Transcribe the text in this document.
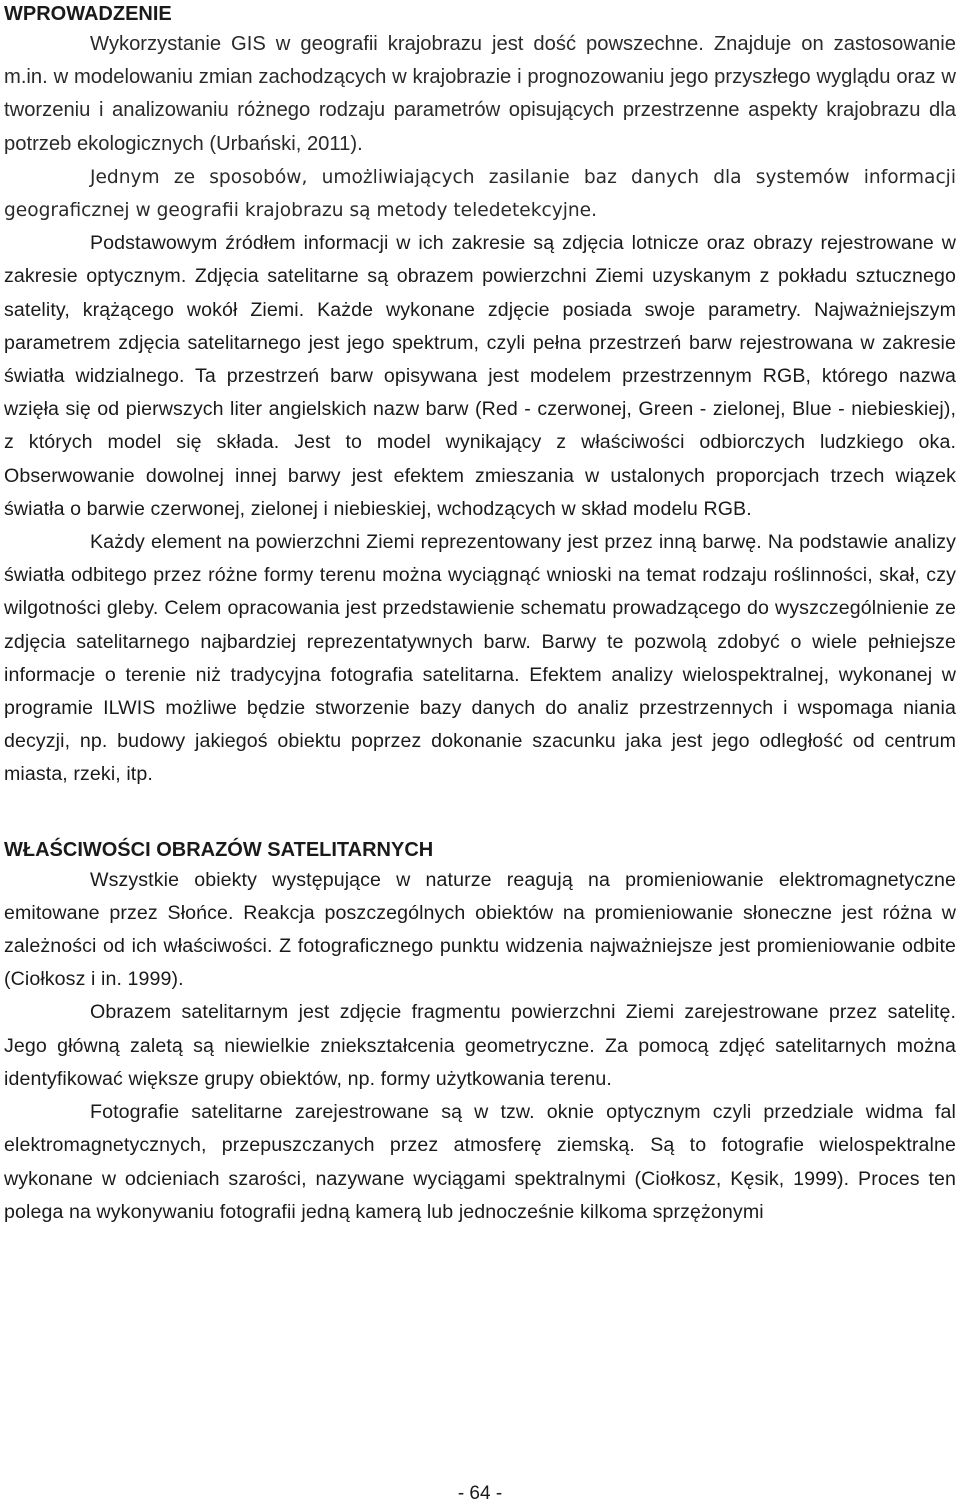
WPROWADZENIE

Wykorzystanie GIS w geografii krajobrazu jest dość powszechne. Znajduje on zastosowanie m.in. w modelowaniu zmian zachodzących w krajobrazie i prognozowaniu jego przyszłego wyglądu oraz w tworzeniu i analizowaniu różnego rodzaju parametrów opisujących przestrzenne aspekty krajobrazu dla potrzeb ekologicznych (Urbański, 2011).

Jednym ze sposobów, umożliwiających zasilanie baz danych dla systemów informacji geograficznej w geografii krajobrazu są metody teledetekcyjne.

Podstawowym źródłem informacji w ich zakresie są zdjęcia lotnicze oraz obrazy rejestrowane w zakresie optycznym. Zdjęcia satelitarne są obrazem powierzchni Ziemi uzyskanym z pokładu sztucznego satelity, krążącego wokół Ziemi. Każde wykonane zdjęcie posiada swoje parametry. Najważniejszym parametrem zdjęcia satelitarnego jest jego spektrum, czyli pełna przestrzeń barw rejestrowana w zakresie światła widzialnego. Ta przestrzeń barw opisywana jest modelem przestrzennym RGB, którego nazwa wzięła się od pierwszych liter angielskich nazw barw (Red - czerwonej, Green - zielonej, Blue - niebieskiej), z których model się składa. Jest to model wynikający z właściwości odbiorczych ludzkiego oka. Obserwowanie dowolnej innej barwy jest efektem zmieszania w ustalonych proporcjach trzech wiązek światła o barwie czerwonej, zielonej i niebieskiej, wchodzących w skład modelu RGB.

Każdy element na powierzchni Ziemi reprezentowany jest przez inną barwę. Na podstawie analizy światła odbitego przez różne formy terenu można wyciągnąć wnioski na temat rodzaju roślinności, skał, czy wilgotności gleby. Celem opracowania jest przedstawienie schematu prowadzącego do wyszczególnienie ze zdjęcia satelitarnego najbardziej reprezentatywnych barw. Barwy te pozwolą zdobyć o wiele pełniejsze informacje o terenie niż tradycyjna fotografia satelitarna. Efektem analizy wielospektralnej, wykonanej w programie ILWIS możliwe będzie stworzenie bazy danych do analiz przestrzennych i wspomaga niania decyzji, np. budowy jakiegoś obiektu poprzez dokonanie szacunku jaka jest jego odległość od centrum miasta, rzeki, itp.

WŁAŚCIWOŚCI OBRAZÓW SATELITARNYCH

Wszystkie obiekty występujące w naturze reagują na promieniowanie elektromagnetyczne emitowane przez Słońce. Reakcja poszczególnych obiektów na promieniowanie słoneczne jest różna w zależności od ich właściwości. Z fotograficznego punktu widzenia najważniejsze jest promieniowanie odbite (Ciołkosz i in. 1999).

Obrazem satelitarnym jest zdjęcie fragmentu powierzchni Ziemi zarejestrowane przez satelitę. Jego główną zaletą są niewielkie zniekształcenia geometryczne. Za pomocą zdjęć satelitarnych można identyfikować większe grupy obiektów, np. formy użytkowania terenu.

Fotografie satelitarne zarejestrowane są w tzw. oknie optycznym czyli przedziale widma fal elektromagnetycznych, przepuszczanych przez atmosferę ziemską. Są to fotografie wielospektralne wykonane w odcieniach szarości, nazywane wyciągami spektralnymi (Ciołkosz, Kęsik, 1999). Proces ten polega na wykonywaniu fotografii jedną kamerą lub jednocześnie kilkoma sprzężonymi

- 64 -
